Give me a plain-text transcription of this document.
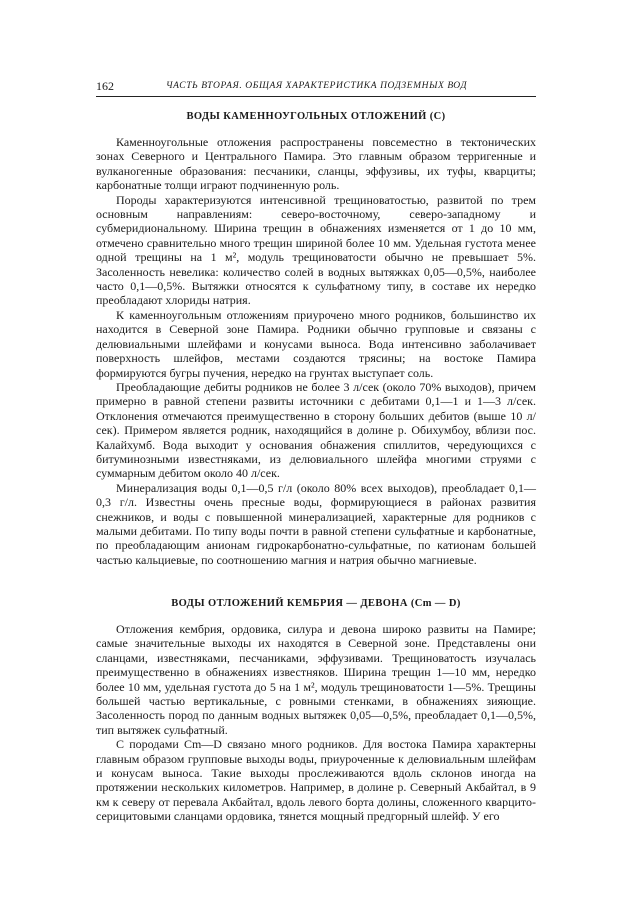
162	ЧАСТЬ ВТОРАЯ. ОБЩАЯ ХАРАКТЕРИСТИКА ПОДЗЕМНЫХ ВОД
ВОДЫ КАМЕННОУГОЛЬНЫХ ОТЛОЖЕНИЙ (С)

Каменноугольные отложения распространены повсеместно в тектонических зонах Северного и Центрального Памира. Это главным образом терригенные и вулканогенные образования: песчаники, сланцы, эффузивы, их туфы, кварциты; карбонатные толщи играют подчиненную роль.

Породы характеризуются интенсивной трещиноватостью, развитой по трем основным направлениям: северо-восточному, северо-западному и субмеридиональному. Ширина трещин в обнажениях изменяется от 1 до 10 мм, отмечено сравнительно много трещин шириной более 10 мм. Удельная густота менее одной трещины на 1 м², модуль трещиноватости обычно не превышает 5%. Засоленность невелика: количество солей в водных вытяжках 0,05—0,5%, наиболее часто 0,1—0,5%. Вытяжки относятся к сульфатному типу, в составе их нередко преобладают хлориды натрия.

К каменноугольным отложениям приурочено много родников, большинство их находится в Северной зоне Памира. Родники обычно групповые и связаны с делювиальными шлейфами и конусами выноса. Вода интенсивно заболачивает поверхность шлейфов, местами создаются трясины; на востоке Памира формируются бугры пучения, нередко на грунтах выступает соль.

Преобладающие дебиты родников не более 3 л/сек (около 70% выходов), причем примерно в равной степени развиты источники с дебитами 0,1—1 и 1—3 л/сек. Отклонения отмечаются преимущественно в сторону больших дебитов (выше 10 л/сек). Примером является родник, находящийся в долине р. Обихумбоу, вблизи пос. Калайхумб. Вода выходит у основания обнажения спиллитов, чередующихся с битуминозными известняками, из делювиального шлейфа многими струями с суммарным дебитом около 40 л/сек.

Минерализация воды 0,1—0,5 г/л (около 80% всех выходов), преобладает 0,1—0,3 г/л. Известны очень пресные воды, формирующиеся в районах развития снежников, и воды с повышенной минерализацией, характерные для родников с малыми дебитами. По типу воды почти в равной степени сульфатные и карбонатные, по преобладающим анионам гидрокарбонатно-сульфатные, по катионам большей частью кальциевые, по соотношению магния и натрия обычно магниевые.

ВОДЫ ОТЛОЖЕНИЙ КЕМБРИЯ — ДЕВОНА (Cm — D)

Отложения кембрия, ордовика, силура и девона широко развиты на Памире; самые значительные выходы их находятся в Северной зоне. Представлены они сланцами, известняками, песчаниками, эффузивами. Трещиноватость изучалась преимущественно в обнажениях известняков. Ширина трещин 1—10 мм, нередко более 10 мм, удельная густота до 5 на 1 м², модуль трещиноватости 1—5%. Трещины большей частью вертикальные, с ровными стенками, в обнажениях зияющие. Засоленность пород по данным водных вытяжек 0,05—0,5%, преобладает 0,1—0,5%, тип вытяжек сульфатный.

С породами Cm—D связано много родников. Для востока Памира характерны главным образом групповые выходы воды, приуроченные к делювиальным шлейфам и конусам выноса. Такие выходы прослеживаются вдоль склонов иногда на протяжении нескольких километров. Например, в долине р. Северный Акбайтал, в 9 км к северу от перевала Акбайтал, вдоль левого борта долины, сложенного кварцито-серицитовыми сланцами ордовика, тянется мощный предгорный шлейф. У его
